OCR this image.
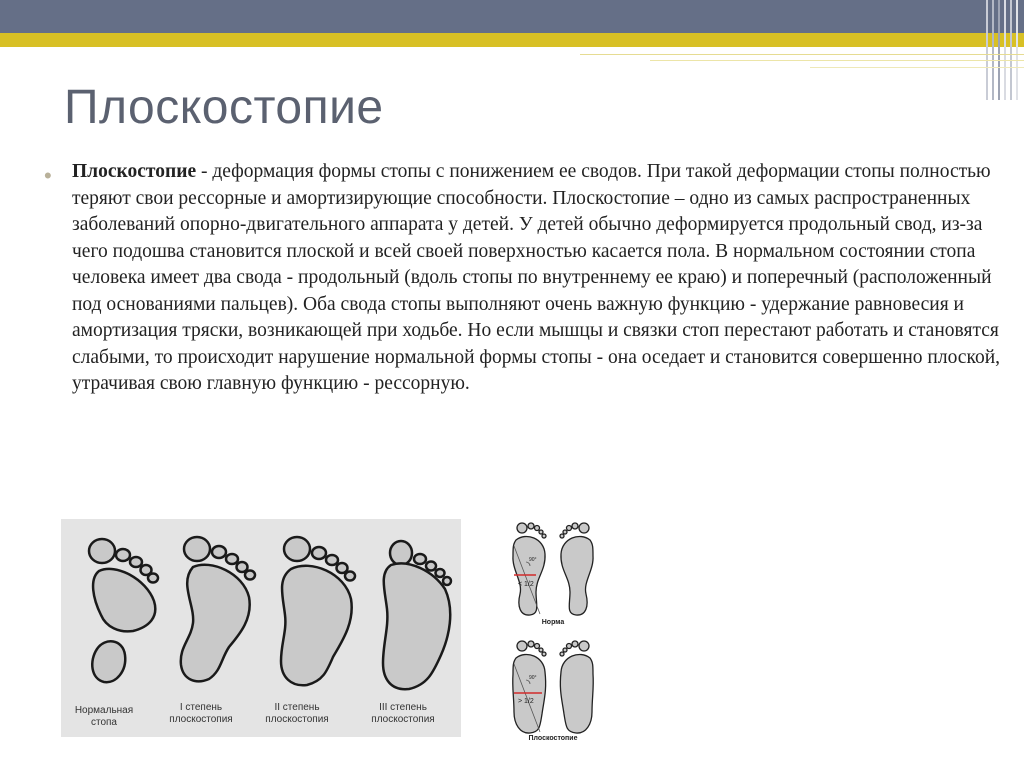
Плоскостопие
• Плоскостопие - деформация формы стопы с понижением ее сводов. При такой деформации стопы полностью теряют свои рессорные и амортизирующие способности. Плоскостопие – одно из самых распространенных заболеваний опорно-двигательного аппарата у детей. У детей обычно деформируется продольный свод, из-за чего подошва становится плоской и всей своей поверхностью касается пола. В нормальном состоянии стопа человека имеет два свода - продольный (вдоль стопы по внутреннему ее краю) и поперечный (расположенный под основаниями пальцев). Оба свода стопы выполняют очень важную функцию - удержание равновесия и амортизация тряски, возникающей при ходьбе. Но если мышцы и связки стоп перестают работать и становятся слабыми, то происходит нарушение нормальной формы стопы - она оседает и становится совершенно плоской, утрачивая свою главную функцию - рессорную.

Нормальная
стопа
I степень
плоскостопия
II степень
плоскостопия
III степень
плоскостопия
90°
90°
< 1/2
> 1/2
Норма
Плоскостопие
